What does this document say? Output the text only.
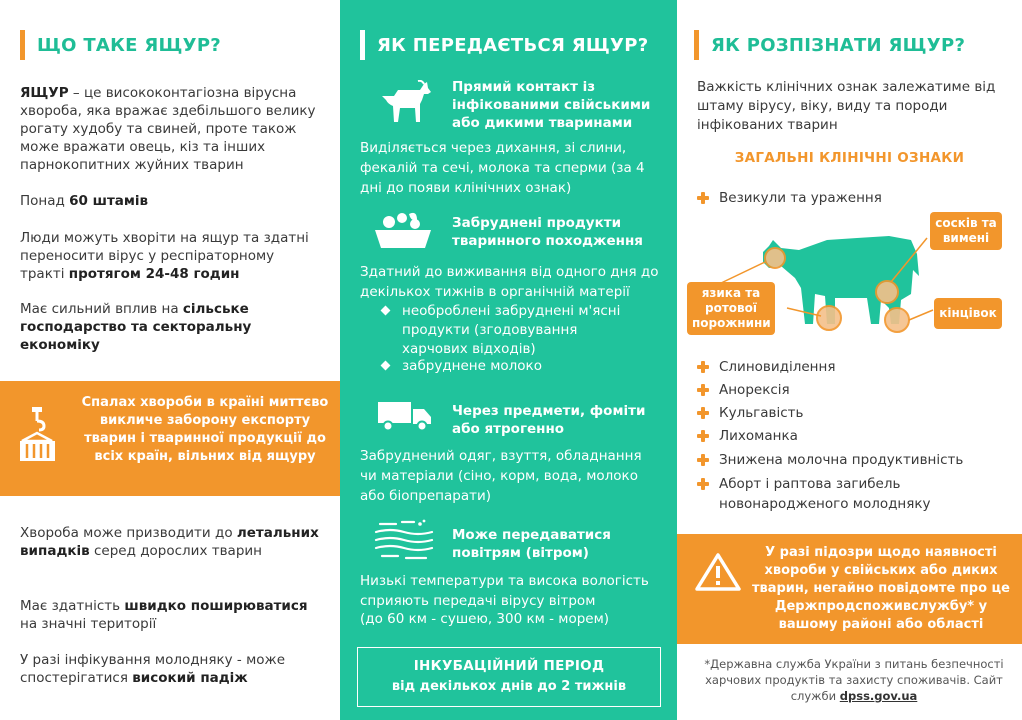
ЩО ТАКЕ ЯЩУР?
ЯЩУР – це висококонтагіозна вірусна хвороба, яка вражає здебільшого велику рогату худобу та свиней, проте також може вражати овець, кіз та інших парнокопитних жуйних тварин
Понад 60 штамів
Люди можуть хворіти на ящур та здатні переносити вірус у респіраторному тракті протягом 24-48 годин
Має сильний вплив на сільське господарство та секторальну економіку
Спалах хвороби в країні миттєво викличе заборону експорту тварин і тваринної продукції до всіх країн, вільних від ящуру
Хвороба може призводити до летальних випадків серед дорослих тварин
Має здатність швидко поширюватися на значні території
У разі інфікування молодняку - може спостерігатися високий падіж
ЯК ПЕРЕДАЄТЬСЯ ЯЩУР?
Прямий контакт із інфікованими свійськими або дикими тваринами
Виділяється через дихання, зі слини, фекалій та сечі, молока та сперми (за 4 дні до появи клінічних ознак)
Забруднені продукти тваринного походження
Здатний до виживання від одного дня до декількох тижнів в органічній матерії
необроблені забруднені м'ясні продукти (згодовування харчових відходів)
забруднене молоко
Через предмети, фоміти або ятрогенно
Забруднений одяг, взуття, обладнання чи матеріали (сіно, корм, вода, молоко або біопрепарати)
Може передаватися повітрям (вітром)
Низькі температури та висока вологість сприяють передачі вірусу вітром
(до 60 км - сушею, 300 км - морем)
ІНКУБАЦІЙНИЙ ПЕРІОД
від декількох днів до 2 тижнів
ЯК РОЗПІЗНАТИ ЯЩУР?
Важкість клінічних ознак залежатиме від штаму вірусу, віку, виду та породи інфікованих тварин
ЗАГАЛЬНІ КЛІНІЧНІ ОЗНАКИ
Везикули та ураження
сосків та вимені
язика та ротової порожнини
кінцівок
Слиновиділення
Анорексія
Кульгавість
Лихоманка
Знижена молочна продуктивність
Аборт і раптова загибель новонародженого молодняку
У разі підозри щодо наявності хвороби у свійських або диких тварин, негайно повідомте про це Держпродспоживслужбу* у вашому районі або області
*Державна служба України з питань безпечності харчових продуктів та захисту споживачів. Сайт служби dpss.gov.ua
